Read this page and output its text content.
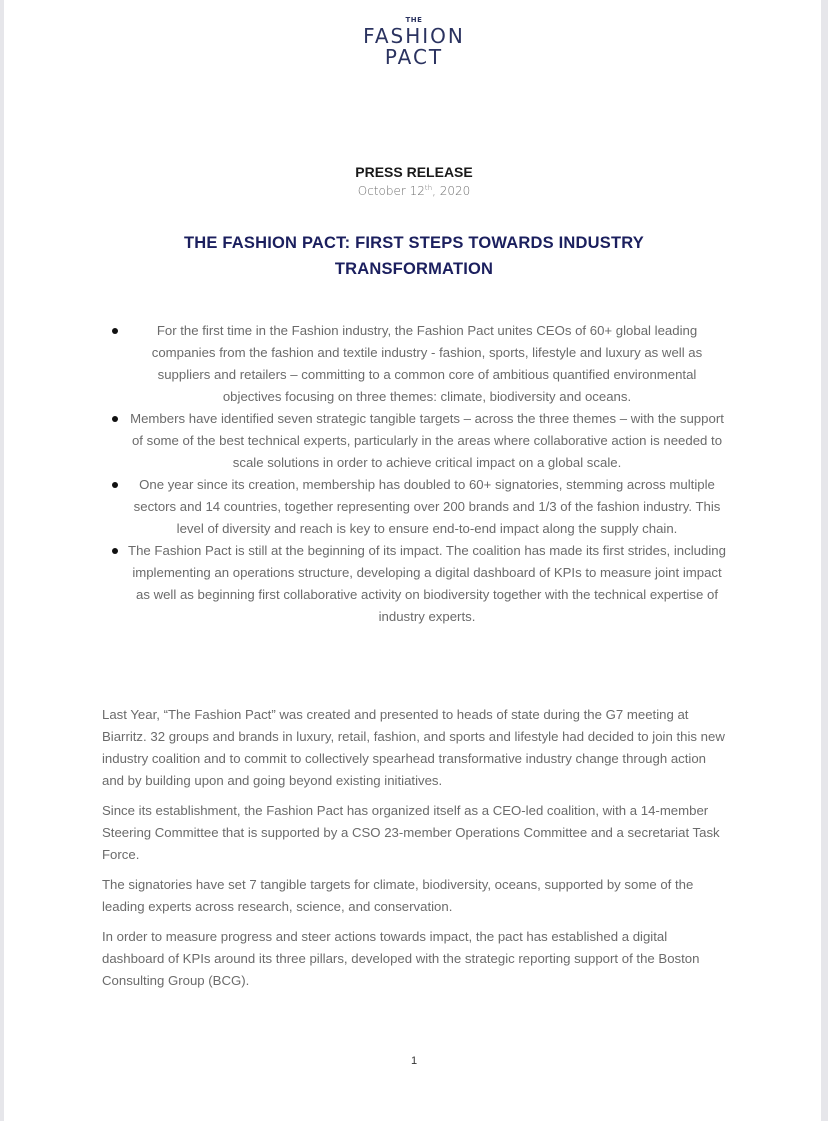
THE
FASHION
PACT
PRESS RELEASE
October 12th, 2020
THE FASHION PACT: FIRST STEPS TOWARDS INDUSTRY TRANSFORMATION
For the first time in the Fashion industry, the Fashion Pact unites CEOs of 60+ global leading companies from the fashion and textile industry - fashion, sports, lifestyle and luxury as well as suppliers and retailers – committing to a common core of ambitious quantified environmental objectives focusing on three themes: climate, biodiversity and oceans.
Members have identified seven strategic tangible targets – across the three themes – with the support of some of the best technical experts, particularly in the areas where collaborative action is needed to scale solutions in order to achieve critical impact on a global scale.
One year since its creation, membership has doubled to 60+ signatories, stemming across multiple sectors and 14 countries, together representing over 200 brands and 1/3 of the fashion industry. This level of diversity and reach is key to ensure end-to-end impact along the supply chain.
The Fashion Pact is still at the beginning of its impact. The coalition has made its first strides, including implementing an operations structure, developing a digital dashboard of KPIs to measure joint impact as well as beginning first collaborative activity on biodiversity together with the technical expertise of industry experts.

Last Year, “The Fashion Pact” was created and presented to heads of state during the G7 meeting at Biarritz. 32 groups and brands in luxury, retail, fashion, and sports and lifestyle had decided to join this new industry coalition and to commit to collectively spearhead transformative industry change through action and by building upon and going beyond existing initiatives.

Since its establishment, the Fashion Pact has organized itself as a CEO-led coalition, with a 14-member Steering Committee that is supported by a CSO 23-member Operations Committee and a secretariat Task Force.

The signatories have set 7 tangible targets for climate, biodiversity, oceans, supported by some of the leading experts across research, science, and conservation.

In order to measure progress and steer actions towards impact, the pact has established a digital dashboard of KPIs around its three pillars, developed with the strategic reporting support of the Boston Consulting Group (BCG).

1
